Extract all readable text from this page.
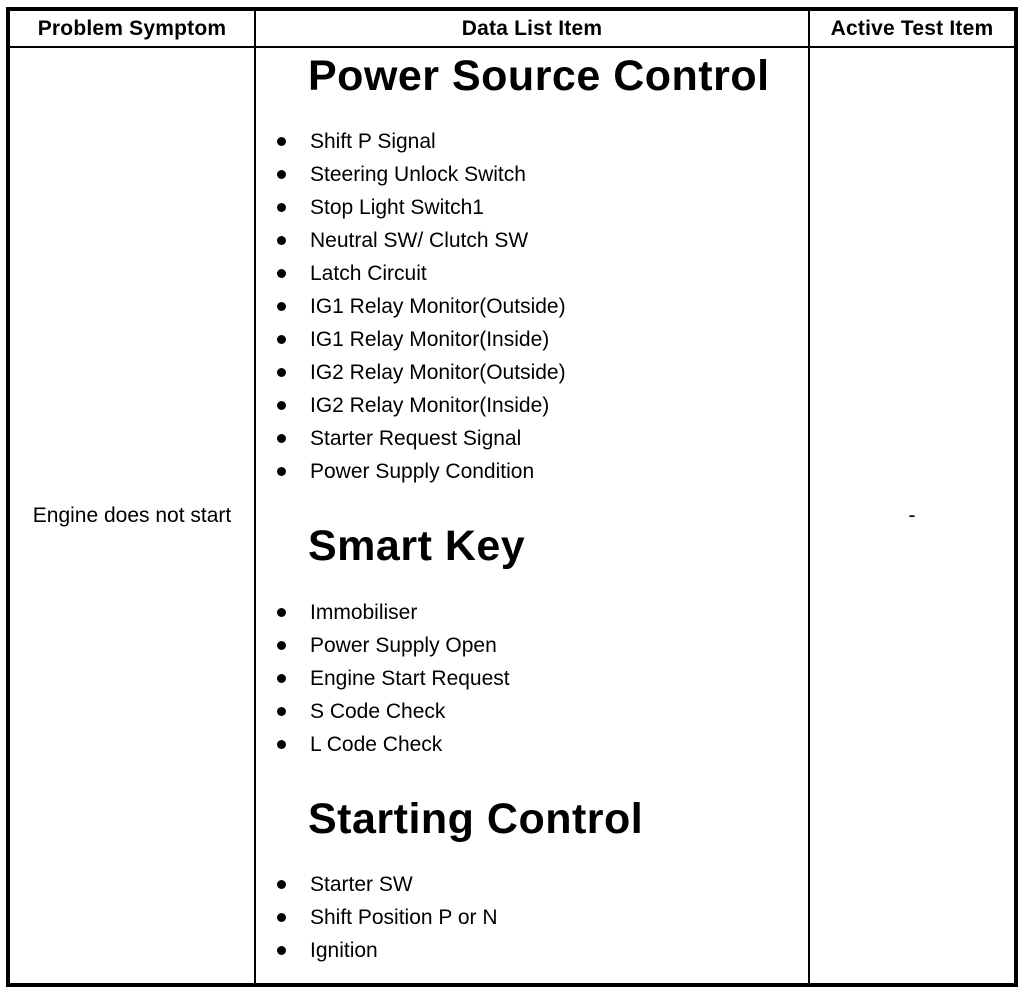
Problem Symptom	Data List Item	Active Test Item
Engine does not start
Power Source Control
Shift P Signal
Steering Unlock Switch
Stop Light Switch1
Neutral SW/ Clutch SW
Latch Circuit
IG1 Relay Monitor(Outside)
IG1 Relay Monitor(Inside)
IG2 Relay Monitor(Outside)
IG2 Relay Monitor(Inside)
Starter Request Signal
Power Supply Condition
Smart Key
Immobiliser
Power Supply Open
Engine Start Request
S Code Check
L Code Check
Starting Control
Starter SW
Shift Position P or N
Ignition
-
